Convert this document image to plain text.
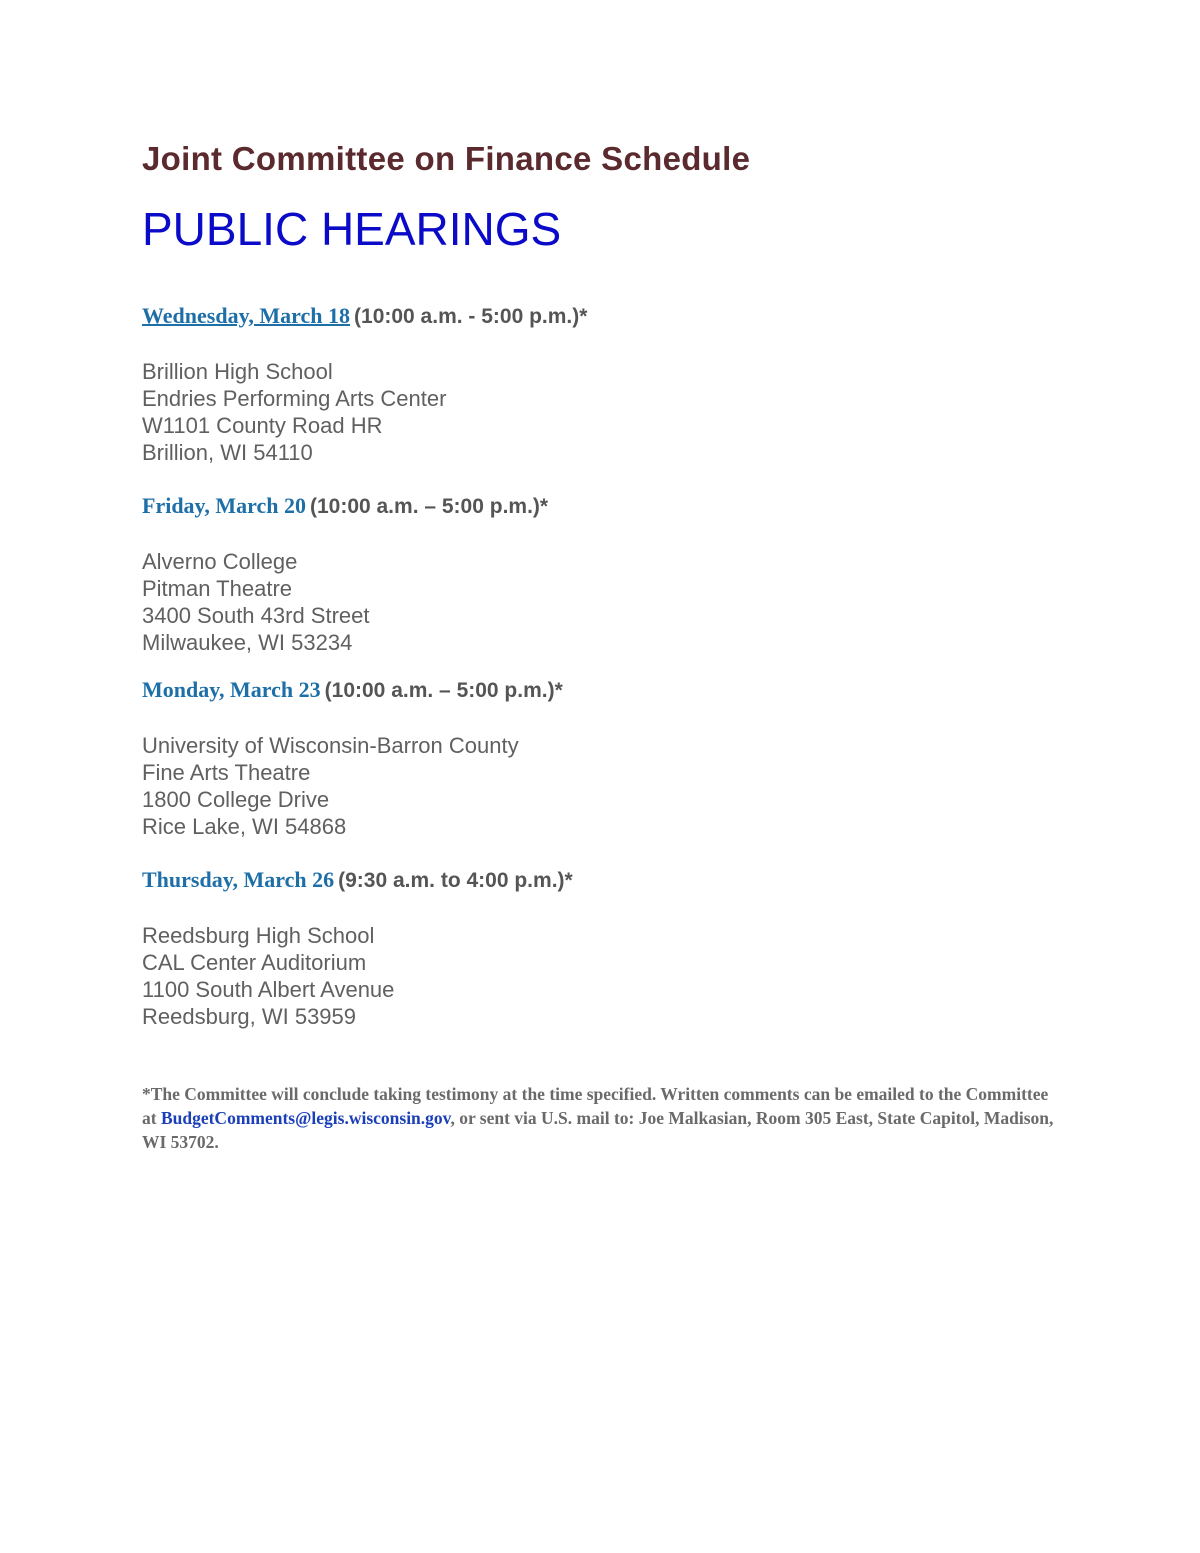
Joint Committee on Finance Schedule
PUBLIC HEARINGS
Wednesday, March 18 (10:00 a.m. - 5:00 p.m.)*
Brillion High School
Endries Performing Arts Center
W1101 County Road HR
Brillion, WI 54110
Friday, March 20 (10:00 a.m. – 5:00 p.m.)*
Alverno College
Pitman Theatre
3400 South 43rd Street
Milwaukee, WI 53234
Monday, March 23 (10:00 a.m. – 5:00 p.m.)*
University of Wisconsin-Barron County
Fine Arts Theatre
1800 College Drive
Rice Lake, WI 54868
Thursday, March 26 (9:30 a.m. to 4:00 p.m.)*
Reedsburg High School
CAL Center Auditorium
1100 South Albert Avenue
Reedsburg, WI 53959
*The Committee will conclude taking testimony at the time specified. Written comments can be emailed to the Committee at BudgetComments@legis.wisconsin.gov, or sent via U.S. mail to: Joe Malkasian, Room 305 East, State Capitol, Madison, WI 53702.
